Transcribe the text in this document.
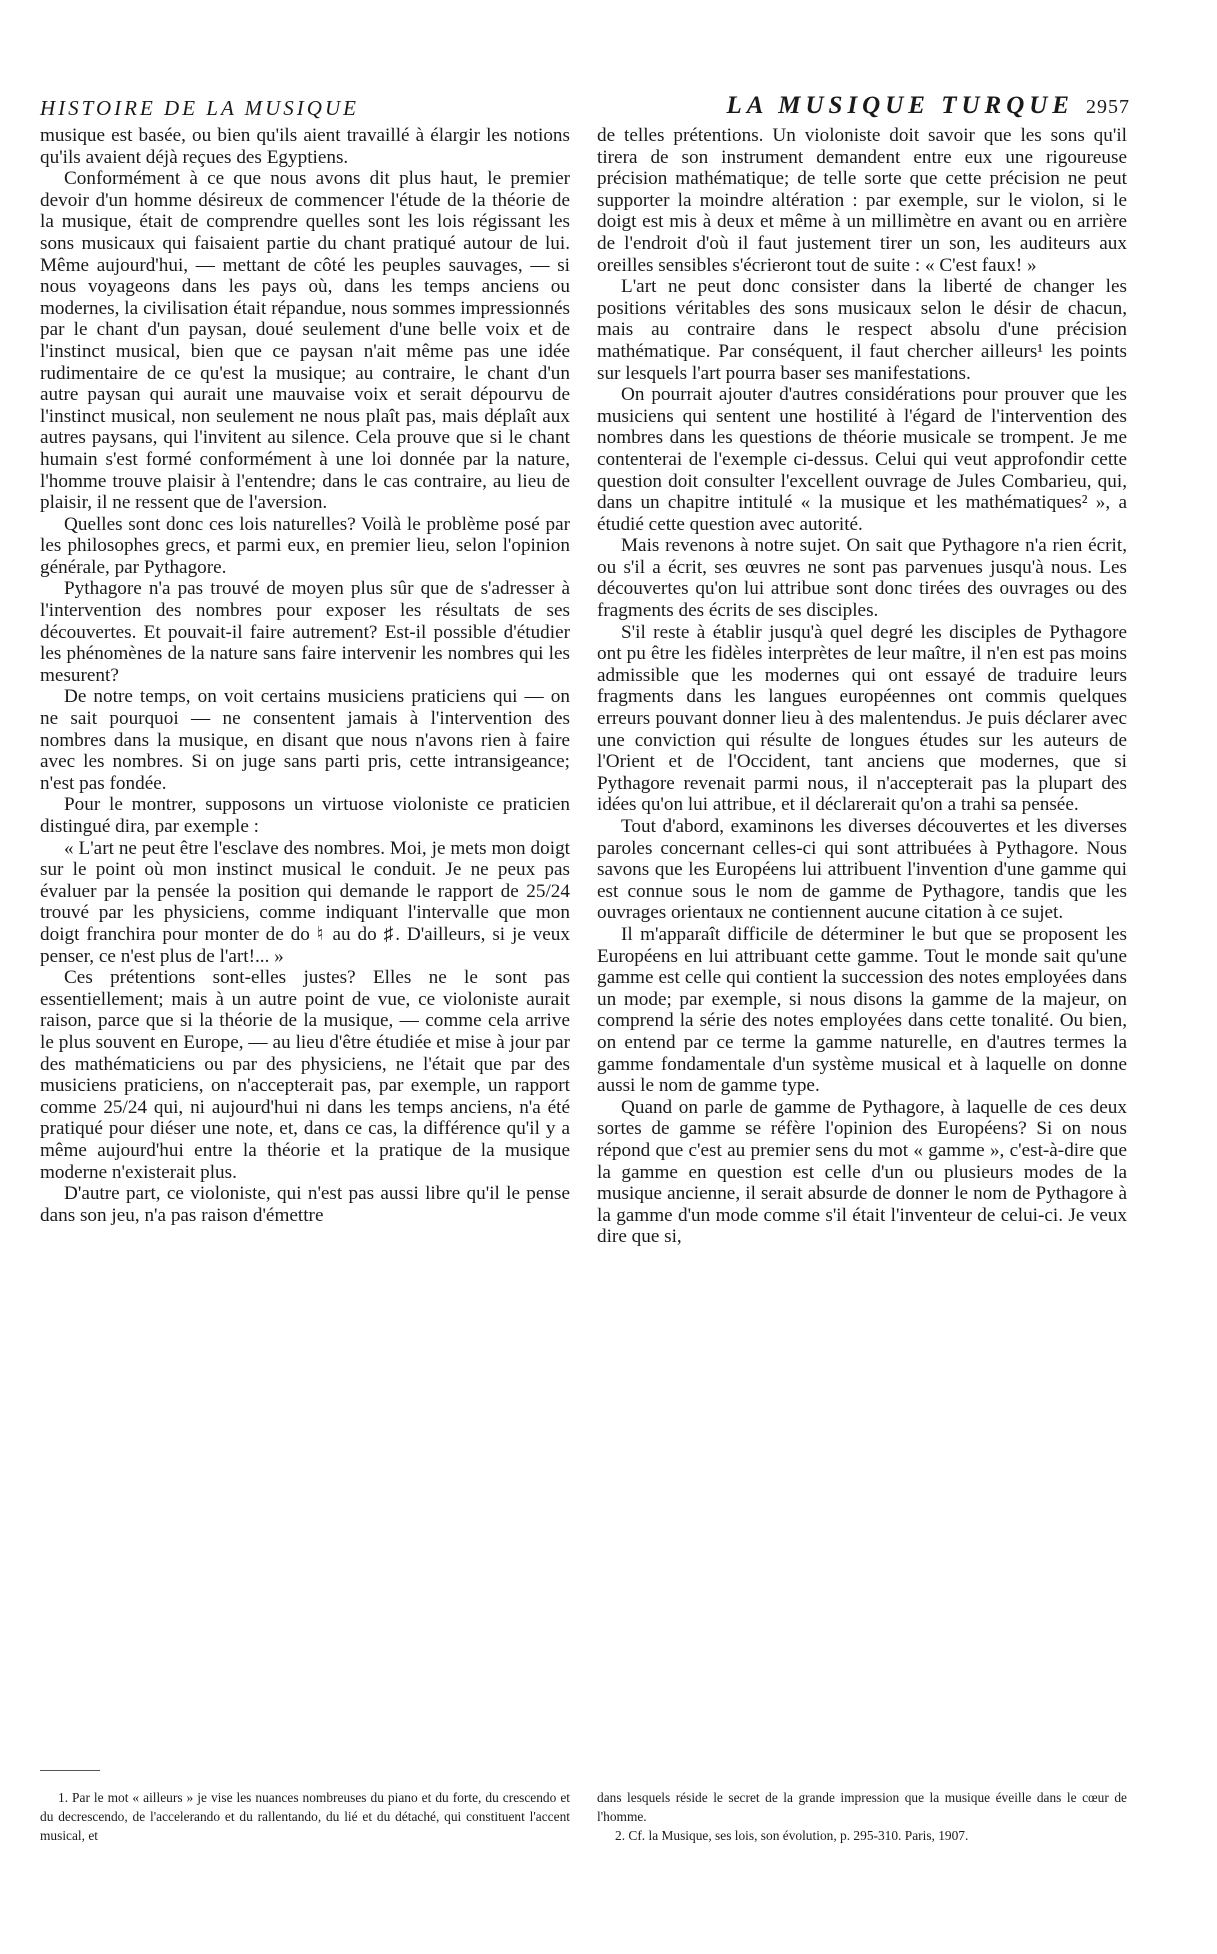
HISTOIRE DE LA MUSIQUE	LA MUSIQUE TURQUE 2957

musique est basée, ou bien qu'ils aient travaillé à élargir les notions qu'ils avaient déjà reçues des Egyptiens.

Conformément à ce que nous avons dit plus haut, le premier devoir d'un homme désireux de commencer l'étude de la théorie de la musique, était de comprendre quelles sont les lois régissant les sons musicaux qui faisaient partie du chant pratiqué autour de lui. Même aujourd'hui, — mettant de côté les peuples sauvages, — si nous voyageons dans les pays où, dans les temps anciens ou modernes, la civilisation était répandue, nous sommes impressionnés par le chant d'un paysan, doué seulement d'une belle voix et de l'instinct musical, bien que ce paysan n'ait même pas une idée rudimentaire de ce qu'est la musique; au contraire, le chant d'un autre paysan qui aurait une mauvaise voix et serait dépourvu de l'instinct musical, non seulement ne nous plaît pas, mais déplaît aux autres paysans, qui l'invitent au silence. Cela prouve que si le chant humain s'est formé conformément à une loi donnée par la nature, l'homme trouve plaisir à l'entendre; dans le cas contraire, au lieu de plaisir, il ne ressent que de l'aversion.

Quelles sont donc ces lois naturelles? Voilà le problème posé par les philosophes grecs, et parmi eux, en premier lieu, selon l'opinion générale, par Pythagore.

Pythagore n'a pas trouvé de moyen plus sûr que de s'adresser à l'intervention des nombres pour exposer les résultats de ses découvertes. Et pouvait-il faire autrement? Est-il possible d'étudier les phénomènes de la nature sans faire intervenir les nombres qui les mesurent?

De notre temps, on voit certains musiciens praticiens qui — on ne sait pourquoi — ne consentent jamais à l'intervention des nombres dans la musique, en disant que nous n'avons rien à faire avec les nombres. Si on juge sans parti pris, cette intransigeance; n'est pas fondée.

Pour le montrer, supposons un virtuose violoniste ce praticien distingué dira, par exemple :

« L'art ne peut être l'esclave des nombres. Moi, je mets mon doigt sur le point où mon instinct musical le conduit. Je ne peux pas évaluer par la pensée la position qui demande le rapport de 25/24 trouvé par les physiciens, comme indiquant l'intervalle que mon doigt franchira pour monter de do ♮ au do ♯. D'ailleurs, si je veux penser, ce n'est plus de l'art!... »

Ces prétentions sont-elles justes? Elles ne le sont pas essentiellement; mais à un autre point de vue, ce violoniste aurait raison, parce que si la théorie de la musique, — comme cela arrive le plus souvent en Europe, — au lieu d'être étudiée et mise à jour par des mathématiciens ou par des physiciens, ne l'était que par des musiciens praticiens, on n'accepterait pas, par exemple, un rapport comme 25/24 qui, ni aujourd'hui ni dans les temps anciens, n'a été pratiqué pour diéser une note, et, dans ce cas, la différence qu'il y a même aujourd'hui entre la théorie et la pratique de la musique moderne n'existerait plus.

D'autre part, ce violoniste, qui n'est pas aussi libre qu'il le pense dans son jeu, n'a pas raison d'émettre

de telles prétentions. Un violoniste doit savoir que les sons qu'il tirera de son instrument demandent entre eux une rigoureuse précision mathématique; de telle sorte que cette précision ne peut supporter la moindre altération : par exemple, sur le violon, si le doigt est mis à deux et même à un millimètre en avant ou en arrière de l'endroit d'où il faut justement tirer un son, les auditeurs aux oreilles sensibles s'écrieront tout de suite : « C'est faux! »

L'art ne peut donc consister dans la liberté de changer les positions véritables des sons musicaux selon le désir de chacun, mais au contraire dans le respect absolu d'une précision mathématique. Par conséquent, il faut chercher ailleurs¹ les points sur lesquels l'art pourra baser ses manifestations.

On pourrait ajouter d'autres considérations pour prouver que les musiciens qui sentent une hostilité à l'égard de l'intervention des nombres dans les questions de théorie musicale se trompent. Je me contenterai de l'exemple ci-dessus. Celui qui veut approfondir cette question doit consulter l'excellent ouvrage de Jules Combarieu, qui, dans un chapitre intitulé « la musique et les mathématiques² », a étudié cette question avec autorité.

Mais revenons à notre sujet. On sait que Pythagore n'a rien écrit, ou s'il a écrit, ses œuvres ne sont pas parvenues jusqu'à nous. Les découvertes qu'on lui attribue sont donc tirées des ouvrages ou des fragments des écrits de ses disciples.

S'il reste à établir jusqu'à quel degré les disciples de Pythagore ont pu être les fidèles interprètes de leur maître, il n'en est pas moins admissible que les modernes qui ont essayé de traduire leurs fragments dans les langues européennes ont commis quelques erreurs pouvant donner lieu à des malentendus. Je puis déclarer avec une conviction qui résulte de longues études sur les auteurs de l'Orient et de l'Occident, tant anciens que modernes, que si Pythagore revenait parmi nous, il n'accepterait pas la plupart des idées qu'on lui attribue, et il déclarerait qu'on a trahi sa pensée.

Tout d'abord, examinons les diverses découvertes et les diverses paroles concernant celles-ci qui sont attribuées à Pythagore. Nous savons que les Européens lui attribuent l'invention d'une gamme qui est connue sous le nom de gamme de Pythagore, tandis que les ouvrages orientaux ne contiennent aucune citation à ce sujet.

Il m'apparaît difficile de déterminer le but que se proposent les Européens en lui attribuant cette gamme. Tout le monde sait qu'une gamme est celle qui contient la succession des notes employées dans un mode; par exemple, si nous disons la gamme de la majeur, on comprend la série des notes employées dans cette tonalité. Ou bien, on entend par ce terme la gamme naturelle, en d'autres termes la gamme fondamentale d'un système musical et à laquelle on donne aussi le nom de gamme type.

Quand on parle de gamme de Pythagore, à laquelle de ces deux sortes de gamme se réfère l'opinion des Européens? Si on nous répond que c'est au premier sens du mot « gamme », c'est-à-dire que la gamme en question est celle d'un ou plusieurs modes de la musique ancienne, il serait absurde de donner le nom de Pythagore à la gamme d'un mode comme s'il était l'inventeur de celui-ci. Je veux dire que si,

1. Par le mot « ailleurs » je vise les nuances nombreuses du piano et du forte, du crescendo et du decrescendo, de l'accelerando et du rallentando, du lié et du détaché, qui constituent l'accent musical, et

dans lesquels réside le secret de la grande impression que la musique éveille dans le cœur de l'homme.

2. Cf. la Musique, ses lois, son évolution, p. 295-310. Paris, 1907.
